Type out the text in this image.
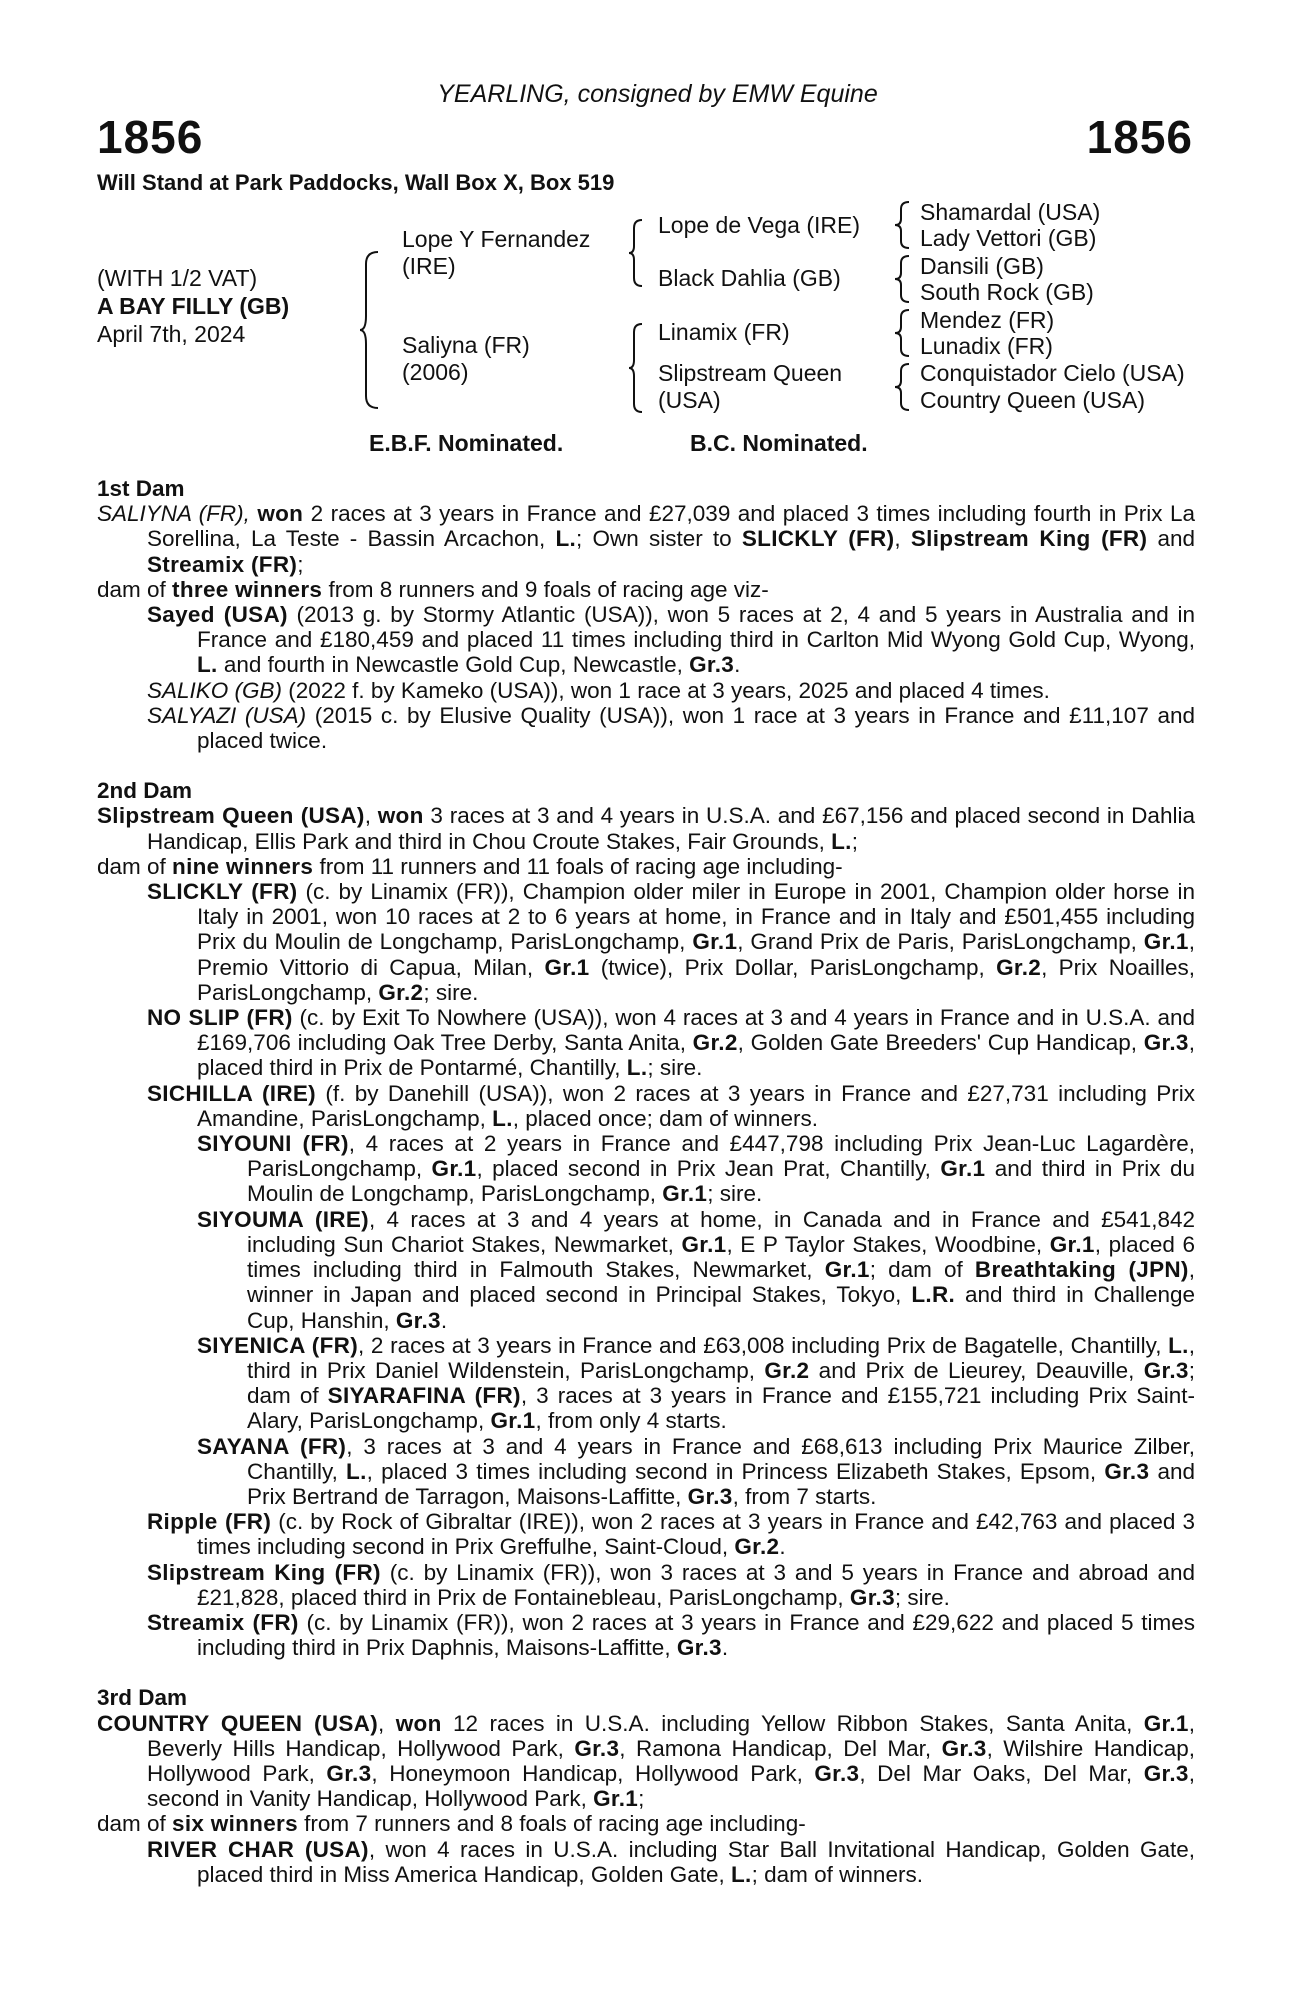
YEARLING, consigned by EMW Equine
1856	1856
Will Stand at Park Paddocks, Wall Box X, Box 519
(WITH 1/2 VAT)
A BAY FILLY (GB)
April 7th, 2024
Lope Y Fernandez
(IRE)
Saliyna (FR)
(2006)
Lope de Vega (IRE)
Black Dahlia (GB)
Linamix (FR)
Slipstream Queen
(USA)
Shamardal (USA)
Lady Vettori (GB)
Dansili (GB)
South Rock (GB)
Mendez (FR)
Lunadix (FR)
Conquistador Cielo (USA)
Country Queen (USA)
E.B.F. Nominated.	B.C. Nominated.

1st Dam

SALIYNA (FR), won 2 races at 3 years in France and £27,039 and placed 3 times including fourth in Prix La Sorellina, La Teste - Bassin Arcachon, L.; Own sister to SLICKLY (FR), Slipstream King (FR) and Streamix (FR);

dam of three winners from 8 runners and 9 foals of racing age viz-

Sayed (USA) (2013 g. by Stormy Atlantic (USA)), won 5 races at 2, 4 and 5 years in Australia and in France and £180,459 and placed 11 times including third in Carlton Mid Wyong Gold Cup, Wyong, L. and fourth in Newcastle Gold Cup, Newcastle, Gr.3.

SALIKO (GB) (2022 f. by Kameko (USA)), won 1 race at 3 years, 2025 and placed 4 times.

SALYAZI (USA) (2015 c. by Elusive Quality (USA)), won 1 race at 3 years in France and £11,107 and placed twice.

2nd Dam

Slipstream Queen (USA), won 3 races at 3 and 4 years in U.S.A. and £67,156 and placed second in Dahlia Handicap, Ellis Park and third in Chou Croute Stakes, Fair Grounds, L.;

dam of nine winners from 11 runners and 11 foals of racing age including-

SLICKLY (FR) (c. by Linamix (FR)), Champion older miler in Europe in 2001, Champion older horse in Italy in 2001, won 10 races at 2 to 6 years at home, in France and in Italy and £501,455 including Prix du Moulin de Longchamp, ParisLongchamp, Gr.1, Grand Prix de Paris, ParisLongchamp, Gr.1, Premio Vittorio di Capua, Milan, Gr.1 (twice), Prix Dollar, ParisLongchamp, Gr.2, Prix Noailles, ParisLongchamp, Gr.2; sire.

NO SLIP (FR) (c. by Exit To Nowhere (USA)), won 4 races at 3 and 4 years in France and in U.S.A. and £169,706 including Oak Tree Derby, Santa Anita, Gr.2, Golden Gate Breeders' Cup Handicap, Gr.3, placed third in Prix de Pontarmé, Chantilly, L.; sire.

SICHILLA (IRE) (f. by Danehill (USA)), won 2 races at 3 years in France and £27,731 including Prix Amandine, ParisLongchamp, L., placed once; dam of winners.

SIYOUNI (FR), 4 races at 2 years in France and £447,798 including Prix Jean-Luc Lagardère, ParisLongchamp, Gr.1, placed second in Prix Jean Prat, Chantilly, Gr.1 and third in Prix du Moulin de Longchamp, ParisLongchamp, Gr.1; sire.

SIYOUMA (IRE), 4 races at 3 and 4 years at home, in Canada and in France and £541,842 including Sun Chariot Stakes, Newmarket, Gr.1, E P Taylor Stakes, Woodbine, Gr.1, placed 6 times including third in Falmouth Stakes, Newmarket, Gr.1; dam of Breathtaking (JPN), winner in Japan and placed second in Principal Stakes, Tokyo, L.R. and third in Challenge Cup, Hanshin, Gr.3.

SIYENICA (FR), 2 races at 3 years in France and £63,008 including Prix de Bagatelle, Chantilly, L., third in Prix Daniel Wildenstein, ParisLongchamp, Gr.2 and Prix de Lieurey, Deauville, Gr.3; dam of SIYARAFINA (FR), 3 races at 3 years in France and £155,721 including Prix Saint-Alary, ParisLongchamp, Gr.1, from only 4 starts.

SAYANA (FR), 3 races at 3 and 4 years in France and £68,613 including Prix Maurice Zilber, Chantilly, L., placed 3 times including second in Princess Elizabeth Stakes, Epsom, Gr.3 and Prix Bertrand de Tarragon, Maisons-Laffitte, Gr.3, from 7 starts.

Ripple (FR) (c. by Rock of Gibraltar (IRE)), won 2 races at 3 years in France and £42,763 and placed 3 times including second in Prix Greffulhe, Saint-Cloud, Gr.2.

Slipstream King (FR) (c. by Linamix (FR)), won 3 races at 3 and 5 years in France and abroad and £21,828, placed third in Prix de Fontainebleau, ParisLongchamp, Gr.3; sire.

Streamix (FR) (c. by Linamix (FR)), won 2 races at 3 years in France and £29,622 and placed 5 times including third in Prix Daphnis, Maisons-Laffitte, Gr.3.

3rd Dam

COUNTRY QUEEN (USA), won 12 races in U.S.A. including Yellow Ribbon Stakes, Santa Anita, Gr.1, Beverly Hills Handicap, Hollywood Park, Gr.3, Ramona Handicap, Del Mar, Gr.3, Wilshire Handicap, Hollywood Park, Gr.3, Honeymoon Handicap, Hollywood Park, Gr.3, Del Mar Oaks, Del Mar, Gr.3, second in Vanity Handicap, Hollywood Park, Gr.1;

dam of six winners from 7 runners and 8 foals of racing age including-

RIVER CHAR (USA), won 4 races in U.S.A. including Star Ball Invitational Handicap, Golden Gate, placed third in Miss America Handicap, Golden Gate, L.; dam of winners.
